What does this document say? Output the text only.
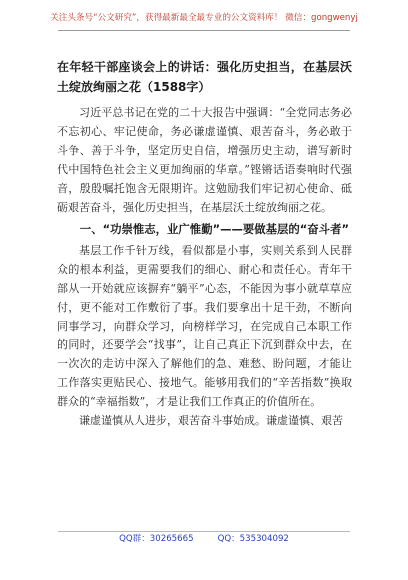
关注头条号“公文研究”，获得最新最全最专业的公文资料库！ 微信：gongwenyj

在年轻干部座谈会上的讲话：强化历史担当，在基层沃土绽放绚丽之花（1588字）

习近平总书记在党的二十大报告中强调：“全党同志务必不忘初心、牢记使命，务必谦虚谨慎、艰苦奋斗，务必敢于斗争、善于斗争，坚定历史自信，增强历史主动，谱写新时代中国特色社会主义更加绚丽的华章。”铿锵话语奏响时代强音，殷殷嘱托饱含无限期许。这勉励我们牢记初心使命、砥砺艰苦奋斗，强化历史担当，在基层沃土绽放绚丽之花。

一、“功崇惟志，业广惟勤”——要做基层的“奋斗者”

基层工作千针万线，看似都是小事，实则关系到人民群众的根本利益，更需要我们的细心、耐心和责任心。青年干部从一开始就应该摒弃“躺平”心态，不能因为事小就草草应付，更不能对工作敷衍了事。我们要拿出十足干劲，不断向同事学习，向群众学习，向榜样学习，在完成自己本职工作的同时，还要学会“找事”，让自己真正下沉到群众中去，在一次次的走访中深入了解他们的急、难愁、盼问题，才能让工作落实更贴民心、接地气。能够用我们的“辛苦指数”换取群众的“幸福指数”，才是让我们工作真正的价值所在。

谦虚谨慎从人进步，艰苦奋斗事始成。谦虚谨慎、艰苦

QQ群：30265665	QQ：535304092
